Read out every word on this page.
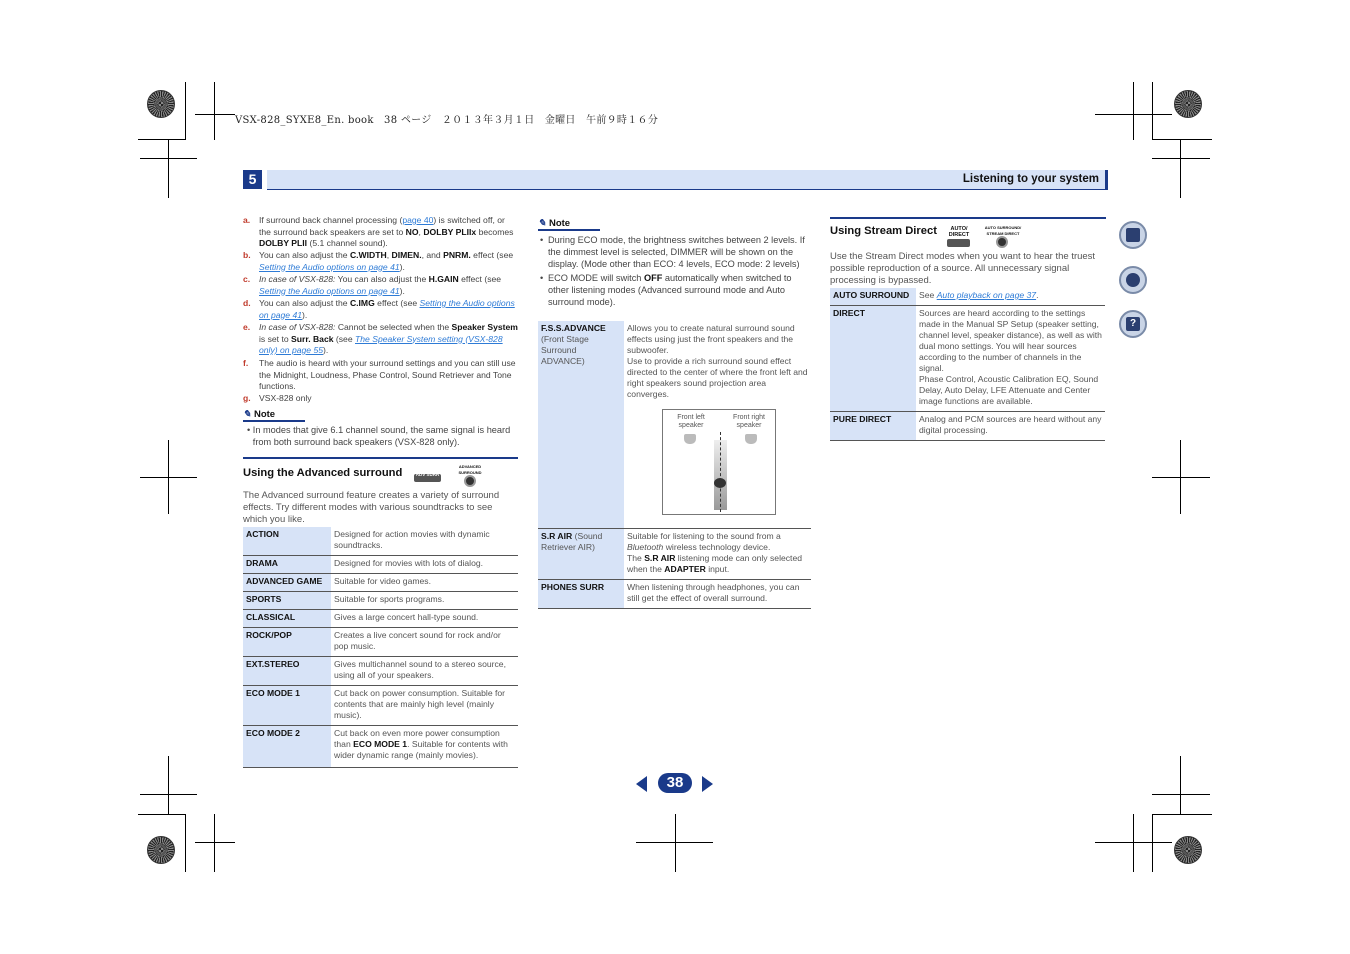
VSX-828_SYXE8_En. book　38 ページ　２０１３年３月１日　金曜日　午前９時１６分
5	Listening to your system
a. If surround back channel processing (page 40) is switched off, or the surround back speakers are set to NO, DOLBY PLIIx becomes DOLBY PLII (5.1 channel sound).
b. You can also adjust the C.WIDTH, DIMEN., and PNRM. effect (see Setting the Audio options on page 41).
c. In case of VSX-828: You can also adjust the H.GAIN effect (see Setting the Audio options on page 41).
d. You can also adjust the C.IMG effect (see Setting the Audio options on page 41).
e. In case of VSX-828: Cannot be selected when the Speaker System is set to Surr. Back (see The Speaker System setting (VSX-828 only) on page 55).
f. The audio is heard with your surround settings and you can still use the Midnight, Loudness, Phase Control, Sound Retriever and Tone functions.
g. VSX-828 only
✎ Note
• In modes that give 6.1 channel sound, the same signal is heard from both surround back speakers (VSX-828 only).
Using the Advanced surround	ADV SURR
ADVANCED SURROUND
The Advanced surround feature creates a variety of surround effects. Try different modes with various soundtracks to see which you like.
ACTION	Designed for action movies with dynamic soundtracks.
DRAMA	Designed for movies with lots of dialog.
ADVANCED GAME	Suitable for video games.
SPORTS	Suitable for sports programs.
CLASSICAL	Gives a large concert hall-type sound.
ROCK/POP	Creates a live concert sound for rock and/or pop music.
EXT.STEREO	Gives multichannel sound to a stereo source, using all of your speakers.
ECO MODE 1	Cut back on power consumption. Suitable for contents that are mainly high level (mainly music).
ECO MODE 2	Cut back on even more power consumption than ECO MODE 1. Suitable for contents with wider dynamic range (mainly movies).
✎ Note
• During ECO mode, the brightness switches between 2 levels. If the dimmest level is selected, DIMMER will be shown on the display. (Mode other than ECO: 4 levels, ECO mode: 2 levels)
• ECO MODE will switch OFF automatically when switched to other listening modes (Advanced surround mode and Auto surround mode).
F.S.S.ADVANCE (Front Stage Surround ADVANCE)	Allows you to create natural surround sound effects using just the front speakers and the subwoofer.
Use to provide a rich surround sound effect directed to the center of where the front left and right speakers sound projection area converges.
S.R AIR (Sound Retriever AIR)	Suitable for listening to the sound from a Bluetooth wireless technology device.
The S.R AIR listening mode can only selected when the ADAPTER input.
PHONES SURR	When listening through headphones, you can still get the effect of overall surround.
Front left speaker
Front right speaker
Using Stream Direct	AUTO/ DIRECT
AUTO SURROUND/ STREAM DIRECT
Use the Stream Direct modes when you want to hear the truest possible reproduction of a source. All unnecessary signal processing is bypassed.
AUTO SURROUND	See Auto playback on page 37.
DIRECT	Sources are heard according to the settings made in the Manual SP Setup (speaker setting, channel level, speaker distance), as well as with dual mono settings. You will hear sources according to the number of channels in the signal.
Phase Control, Acoustic Calibration EQ, Sound Delay, Auto Delay, LFE Attenuate and Center image functions are available.
PURE DIRECT	Analog and PCM sources are heard without any digital processing.
?
38
